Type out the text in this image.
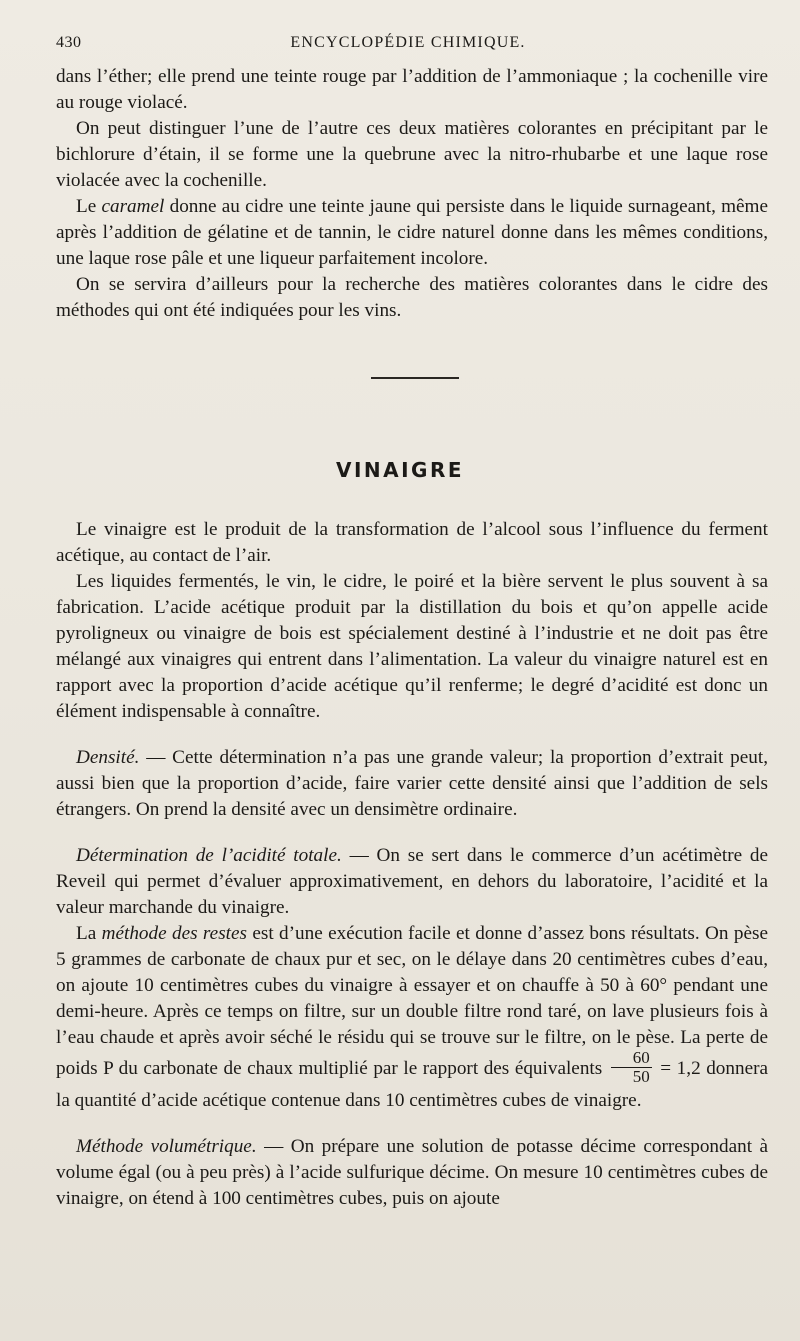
430	ENCYCLOPÉDIE CHIMIQUE.

dans l’éther; elle prend une teinte rouge par l’addition de l’ammoniaque ; la cochenille vire au rouge violacé.

On peut distinguer l’une de l’autre ces deux matières colorantes en précipitant par le bichlorure d’étain, il se forme une la quebrune avec la nitro-rhubarbe et une laque rose violacée avec la cochenille.

Le caramel donne au cidre une teinte jaune qui persiste dans le liquide surnageant, même après l’addition de gélatine et de tannin, le cidre naturel donne dans les mêmes conditions, une laque rose pâle et une liqueur parfaitement incolore.

On se servira d’ailleurs pour la recherche des matières colorantes dans le cidre des méthodes qui ont été indiquées pour les vins.

VINAIGRE

Le vinaigre est le produit de la transformation de l’alcool sous l’influence du ferment acétique, au contact de l’air.

Les liquides fermentés, le vin, le cidre, le poiré et la bière servent le plus souvent à sa fabrication. L’acide acétique produit par la distillation du bois et qu’on appelle acide pyroligneux ou vinaigre de bois est spécialement destiné à l’industrie et ne doit pas être mélangé aux vinaigres qui entrent dans l’alimentation. La valeur du vinaigre naturel est en rapport avec la proportion d’acide acétique qu’il renferme; le degré d’acidité est donc un élément indispensable à connaître.

Densité. — Cette détermination n’a pas une grande valeur; la proportion d’extrait peut, aussi bien que la proportion d’acide, faire varier cette densité ainsi que l’addition de sels étrangers. On prend la densité avec un densimètre ordinaire.

Détermination de l’acidité totale. — On se sert dans le commerce d’un acétimètre de Reveil qui permet d’évaluer approximativement, en dehors du laboratoire, l’acidité et la valeur marchande du vinaigre.

La méthode des restes est d’une exécution facile et donne d’assez bons résultats. On pèse 5 grammes de carbonate de chaux pur et sec, on le délaye dans 20 centimètres cubes d’eau, on ajoute 10 centimètres cubes du vinaigre à essayer et on chauffe à 50 à 60° pendant une demi-heure. Après ce temps on filtre, sur un double filtre rond taré, on lave plusieurs fois à l’eau chaude et après avoir séché le résidu qui se trouve sur le filtre, on le pèse. La perte de poids P du carbonate de chaux multiplié par le rapport des équivalents $\frac{60}{50} = 1,2$ donnera la quantité d’acide acétique contenue dans 10 centimètres cubes de vinaigre.

Méthode volumétrique. — On prépare une solution de potasse décime correspondant à volume égal (ou à peu près) à l’acide sulfurique décime. On mesure 10 centimètres cubes de vinaigre, on étend à 100 centimètres cubes, puis on ajoute
